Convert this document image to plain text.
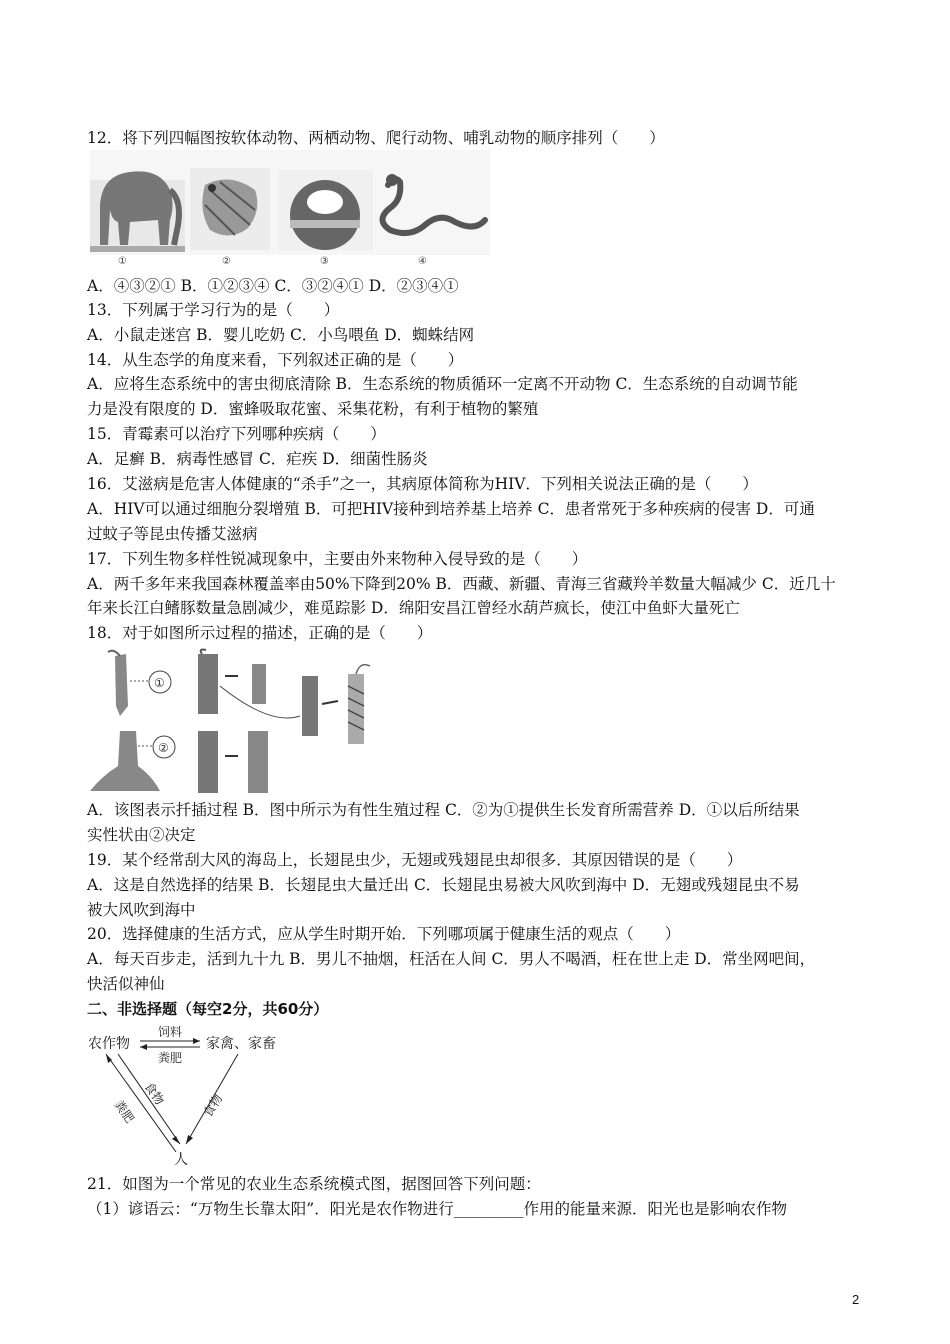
12．将下列四幅图按软体动物、两栖动物、爬行动物、哺乳动物的顺序排列（　　）
①	②	③	④
A．④③②① B．①②③④ C．③②④① D．②③④①
13．下列属于学习行为的是（　　）
A．小鼠走迷宫 B．婴儿吃奶 C．小鸟喂鱼 D．蜘蛛结网
14．从生态学的角度来看，下列叙述正确的是（　　）
A．应将生态系统中的害虫彻底清除 B．生态系统的物质循环一定离不开动物 C．生态系统的自动调节能
力是没有限度的 D．蜜蜂吸取花蜜、采集花粉，有利于植物的繁殖
15．青霉素可以治疗下列哪种疾病（　　）
A．足癣 B．病毒性感冒 C．疟疾 D．细菌性肠炎
16．艾滋病是危害人体健康的“杀手”之一，其病原体简称为HIV．下列相关说法正确的是（　　）
A．HIV可以通过细胞分裂增殖 B．可把HIV接种到培养基上培养 C．患者常死于多种疾病的侵害 D．可通
过蚊子等昆虫传播艾滋病
17．下列生物多样性锐减现象中，主要由外来物种入侵导致的是（　　）
A．两千多年来我国森林覆盖率由50%下降到20% B．西藏、新疆、青海三省藏羚羊数量大幅减少 C．近几十
年来长江白鳍豚数量急剧减少，难觅踪影 D．绵阳安昌江曾经水葫芦疯长，使江中鱼虾大量死亡
18．对于如图所示过程的描述，正确的是（　　）
①
②
A．该图表示扦插过程 B．图中所示为有性生殖过程 C．②为①提供生长发育所需营养 D．①以后所结果
实性状由②决定
19．某个经常刮大风的海岛上，长翅昆虫少，无翅或残翅昆虫却很多．其原因错误的是（　　）
A．这是自然选择的结果 B．长翅昆虫大量迁出 C．长翅昆虫易被大风吹到海中 D．无翅或残翅昆虫不易
被大风吹到海中
20．选择健康的生活方式，应从学生时期开始．下列哪项属于健康生活的观点（　　）
A．每天百步走，活到九十九 B．男儿不抽烟，枉活在人间 C．男人不喝酒，枉在世上走 D．常坐网吧间，
快活似神仙
二、非选择题（每空2分，共60分）
农作物	家禽、家畜
饲料
粪肥
食物
粪肥	食物
人
21．如图为一个常见的农业生态系统模式图，据图回答下列问题：
（1）谚语云：“万物生长靠太阳”．阳光是农作物进行_________作用的能量来源．阳光也是影响农作物
2
